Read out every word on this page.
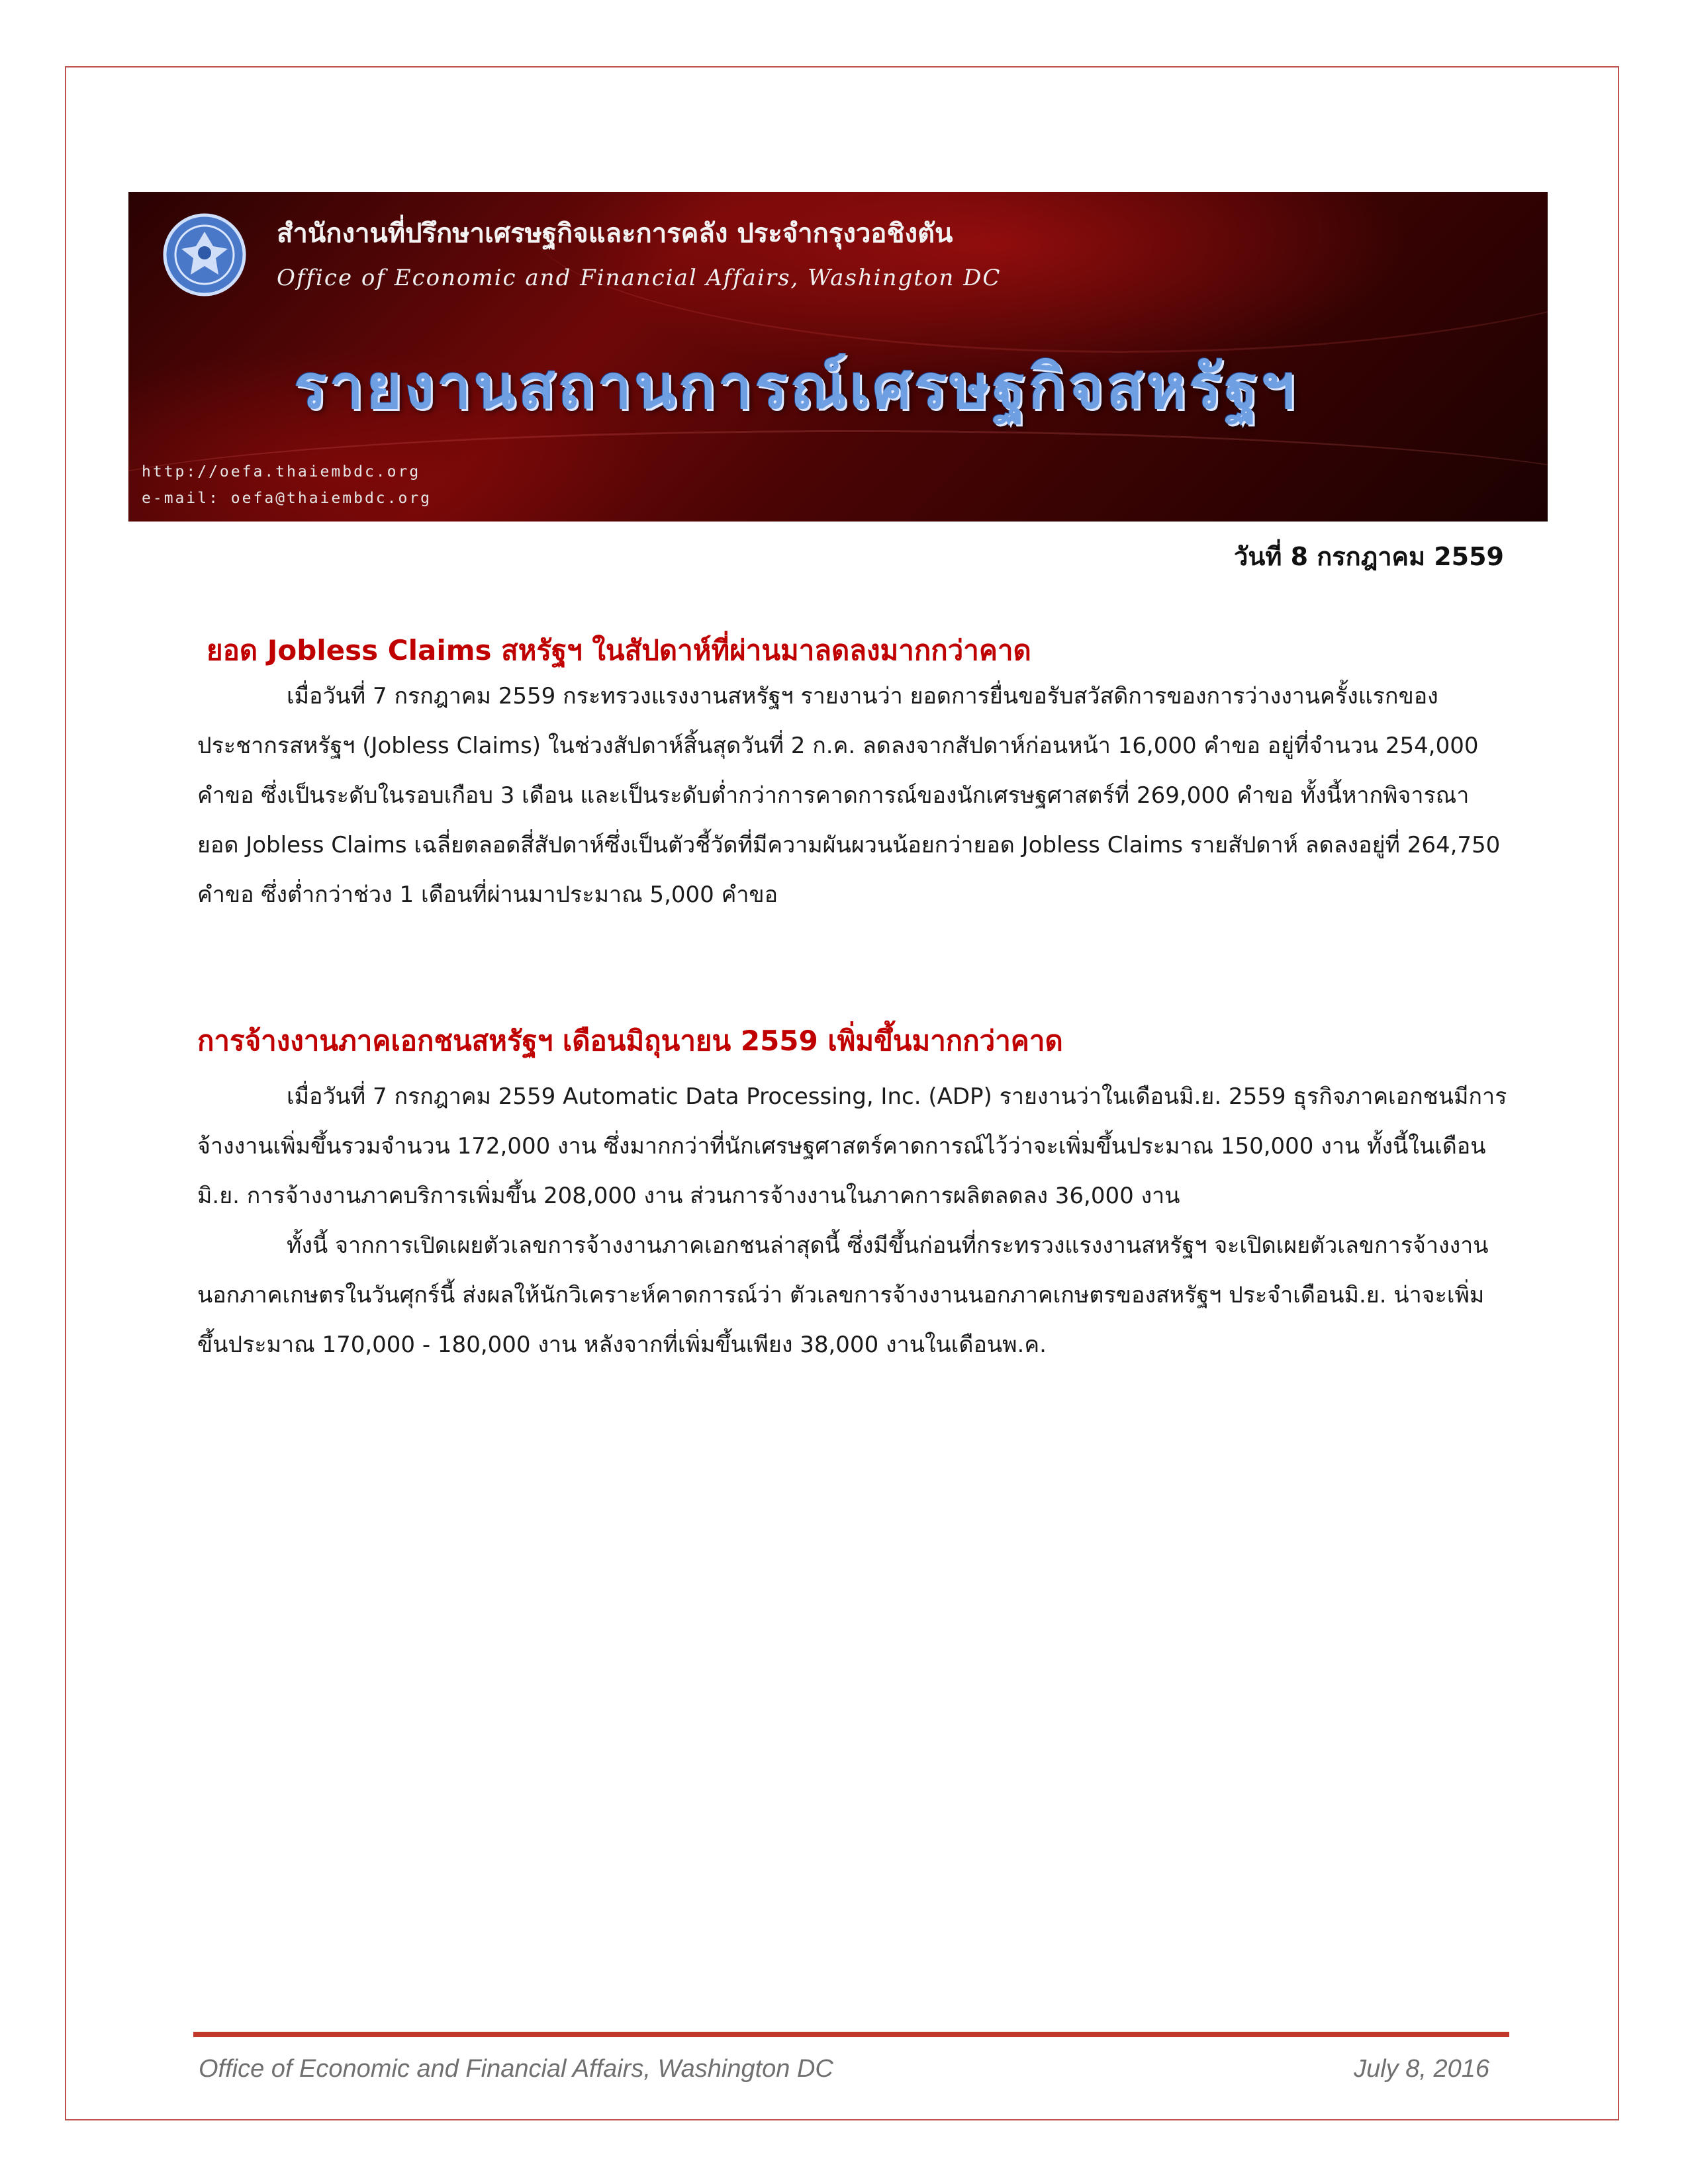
สำนักงานที่ปรึกษาเศรษฐกิจและการคลัง ประจำกรุงวอชิงตัน
Office of Economic and Financial Affairs, Washington DC
รายงานสถานการณ์เศรษฐกิจสหรัฐฯ
http://oefa.thaiembdc.org
e-mail: oefa@thaiembdc.org
วันที่ 8 กรกฎาคม 2559
ยอด Jobless Claims สหรัฐฯ ในสัปดาห์ที่ผ่านมาลดลงมากกว่าคาด

เมื่อวันที่ 7 กรกฎาคม 2559 กระทรวงแรงงานสหรัฐฯ รายงานว่า ยอดการยื่นขอรับสวัสดิการของการว่างงานครั้งแรกของประชากรสหรัฐฯ (Jobless Claims) ในช่วงสัปดาห์สิ้นสุดวันที่ 2 ก.ค. ลดลงจากสัปดาห์ก่อนหน้า 16,000 คำขอ อยู่ที่จำนวน 254,000 คำขอ ซึ่งเป็นระดับในรอบเกือบ 3 เดือน และเป็นระดับต่ำกว่าการคาดการณ์ของนักเศรษฐศาสตร์ที่ 269,000 คำขอ ทั้งนี้หากพิจารณายอด Jobless Claims เฉลี่ยตลอดสี่สัปดาห์ซึ่งเป็นตัวชี้วัดที่มีความผันผวนน้อยกว่ายอด Jobless Claims รายสัปดาห์ ลดลงอยู่ที่ 264,750 คำขอ ซึ่งต่ำกว่าช่วง 1 เดือนที่ผ่านมาประมาณ 5,000 คำขอ

การจ้างงานภาคเอกชนสหรัฐฯ เดือนมิถุนายน 2559 เพิ่มขึ้นมากกว่าคาด

เมื่อวันที่ 7 กรกฎาคม 2559 Automatic Data Processing, Inc. (ADP) รายงานว่าในเดือนมิ.ย. 2559 ธุรกิจภาคเอกชนมีการจ้างงานเพิ่มขึ้นรวมจำนวน 172,000 งาน ซึ่งมากกว่าที่นักเศรษฐศาสตร์คาดการณ์ไว้ว่าจะเพิ่มขึ้นประมาณ 150,000 งาน ทั้งนี้ในเดือนมิ.ย. การจ้างงานภาคบริการเพิ่มขึ้น 208,000 งาน ส่วนการจ้างงานในภาคการผลิตลดลง 36,000 งาน

ทั้งนี้ จากการเปิดเผยตัวเลขการจ้างงานภาคเอกชนล่าสุดนี้ ซึ่งมีขึ้นก่อนที่กระทรวงแรงงานสหรัฐฯ จะเปิดเผยตัวเลขการจ้างงานนอกภาคเกษตรในวันศุกร์นี้ ส่งผลให้นักวิเคราะห์คาดการณ์ว่า ตัวเลขการจ้างงานนอกภาคเกษตรของสหรัฐฯ ประจำเดือนมิ.ย. น่าจะเพิ่มขึ้นประมาณ 170,000 - 180,000 งาน หลังจากที่เพิ่มขึ้นเพียง 38,000 งานในเดือนพ.ค.

Office of Economic and Financial Affairs, Washington DC	July 8, 2016
